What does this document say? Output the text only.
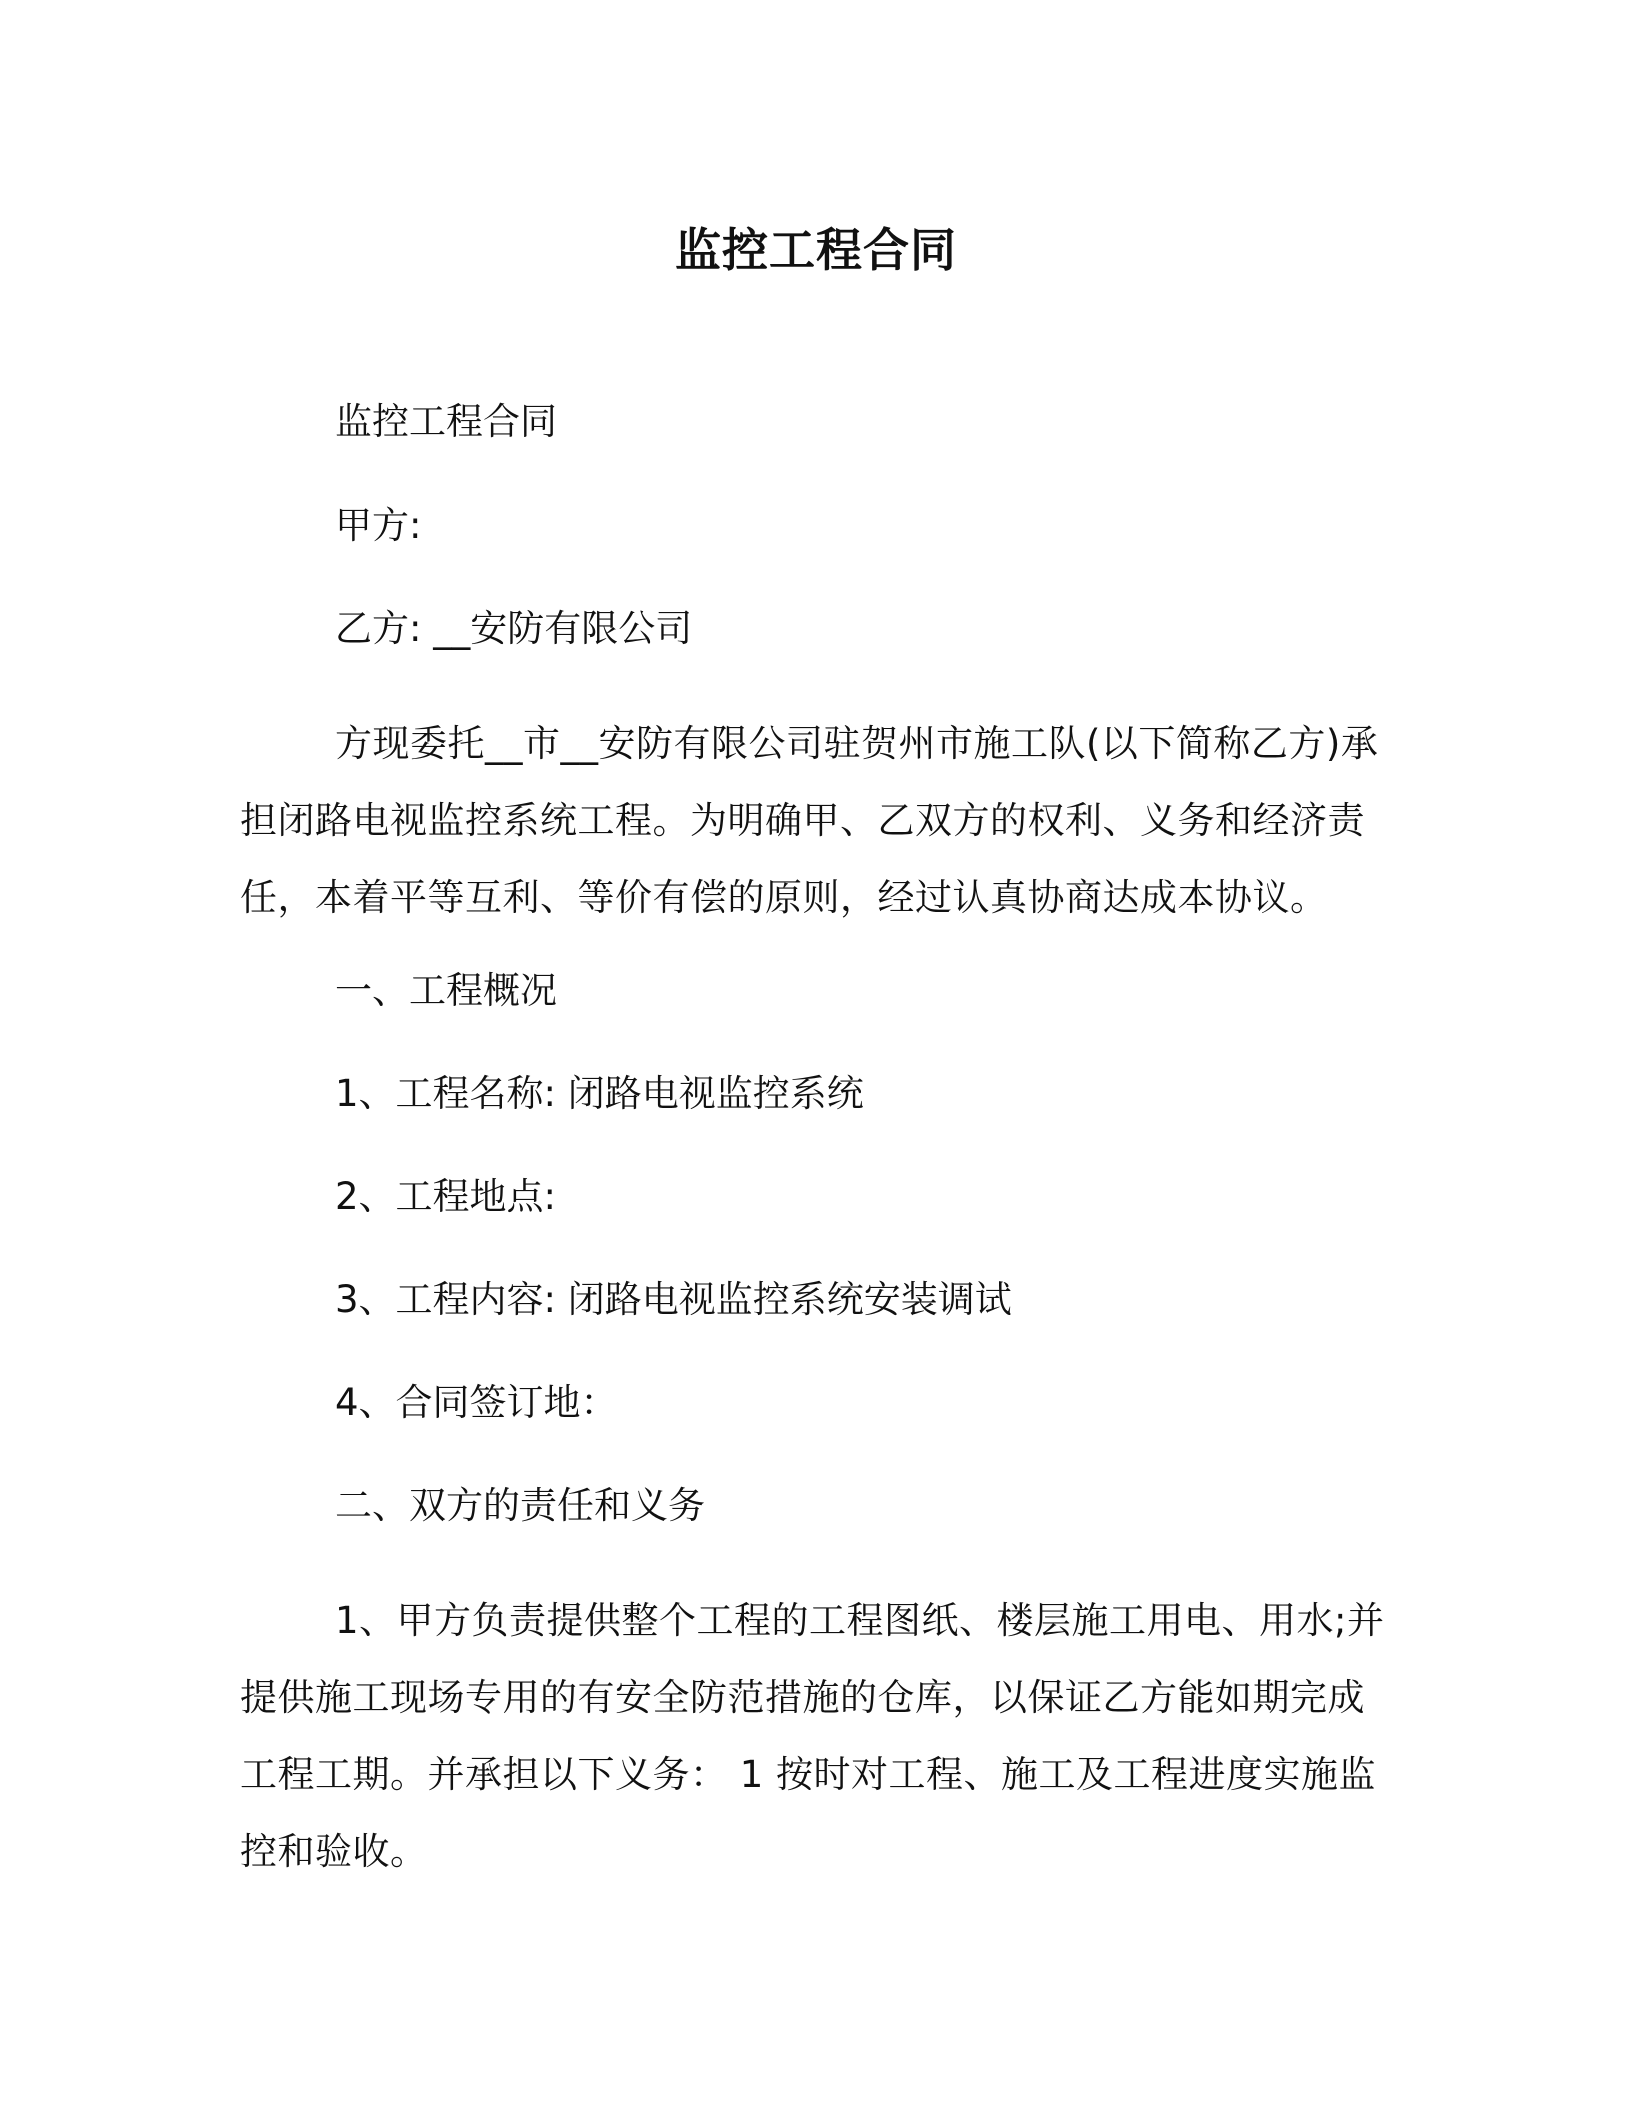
监控工程合同

监控工程合同

甲方:

乙方: __安防有限公司

方现委托__市__安防有限公司驻贺州市施工队(以下简称乙方)承担闭路电视监控系统工程。为明确甲、乙双方的权利、义务和经济责任，本着平等互利、等价有偿的原则，经过认真协商达成本协议。

一、工程概况

1、工程名称: 闭路电视监控系统

2、工程地点:

3、工程内容: 闭路电视监控系统安装调试

4、合同签订地：

二、双方的责任和义务

1、甲方负责提供整个工程的工程图纸、楼层施工用电、用水;并提供施工现场专用的有安全防范措施的仓库，以保证乙方能如期完成工程工期。并承担以下义务： 1 按时对工程、施工及工程进度实施监控和验收。
